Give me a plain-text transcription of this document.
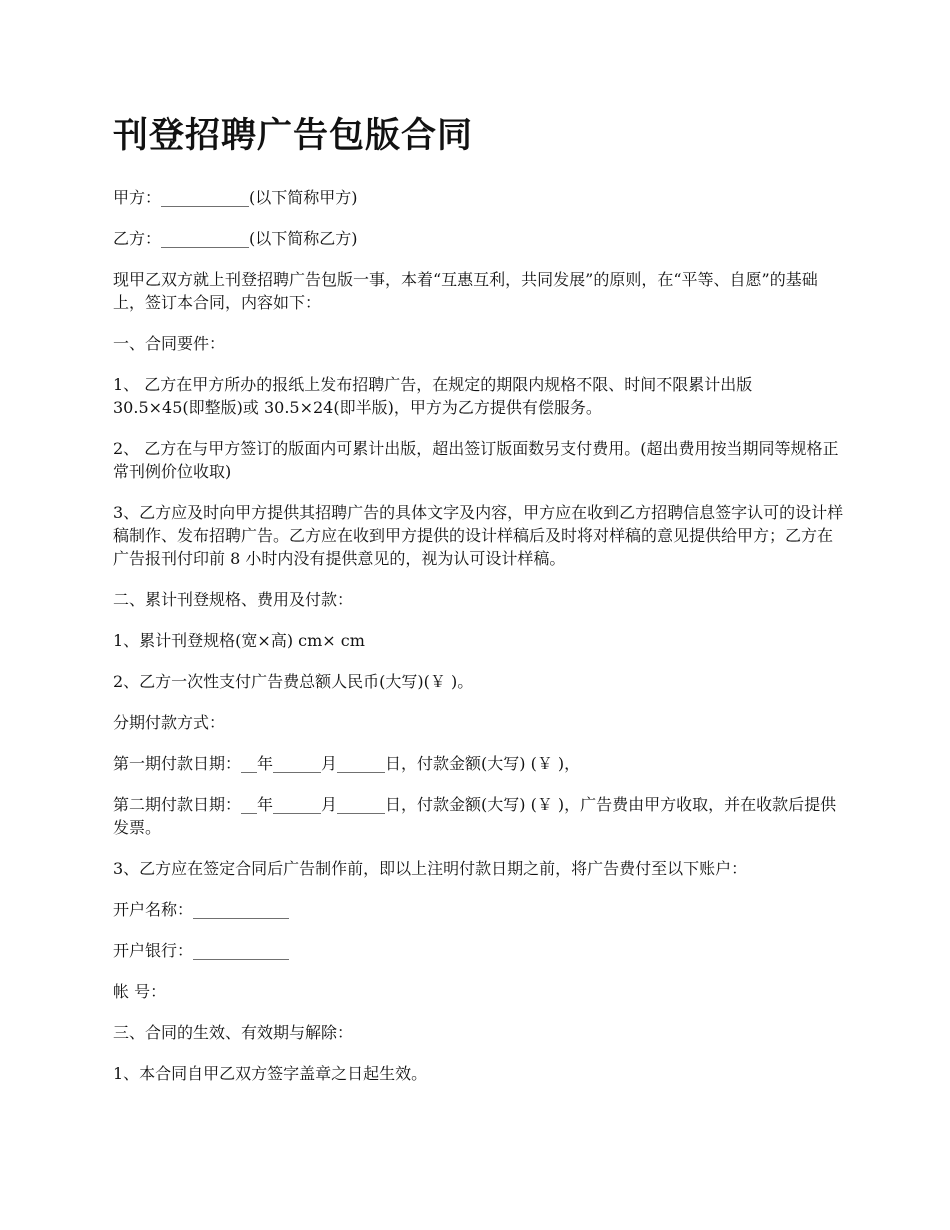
刊登招聘广告包版合同

甲方：___________(以下简称甲方)

乙方：___________(以下简称乙方)

现甲乙双方就上刊登招聘广告包版一事，本着“互惠互利，共同发展”的原则，在“平等、自愿”的基础上，签订本合同，内容如下：

一、合同要件：

1、 乙方在甲方所办的报纸上发布招聘广告，在规定的期限内规格不限、时间不限累计出版 30.5×45(即整版)或 30.5×24(即半版)，甲方为乙方提供有偿服务。

2、 乙方在与甲方签订的版面内可累计出版，超出签订版面数另支付费用。(超出费用按当期同等规格正常刊例价位收取)

3、乙方应及时向甲方提供其招聘广告的具体文字及内容，甲方应在收到乙方招聘信息签字认可的设计样稿制作、发布招聘广告。乙方应在收到甲方提供的设计样稿后及时将对样稿的意见提供给甲方；乙方在广告报刊付印前 8 小时内没有提供意见的，视为认可设计样稿。

二、累计刊登规格、费用及付款：

1、累计刊登规格(宽×高) cm× cm

2、乙方一次性支付广告费总额人民币(大写)(￥ )。

分期付款方式：

第一期付款日期：__年______月______日，付款金额(大写) (￥ )，

第二期付款日期：__年______月______日，付款金额(大写) (￥ )，广告费由甲方收取，并在收款后提供发票。

3、乙方应在签定合同后广告制作前，即以上注明付款日期之前，将广告费付至以下账户：

开户名称：____________

开户银行：____________

帐 号：

三、合同的生效、有效期与解除：

1、本合同自甲乙双方签字盖章之日起生效。
